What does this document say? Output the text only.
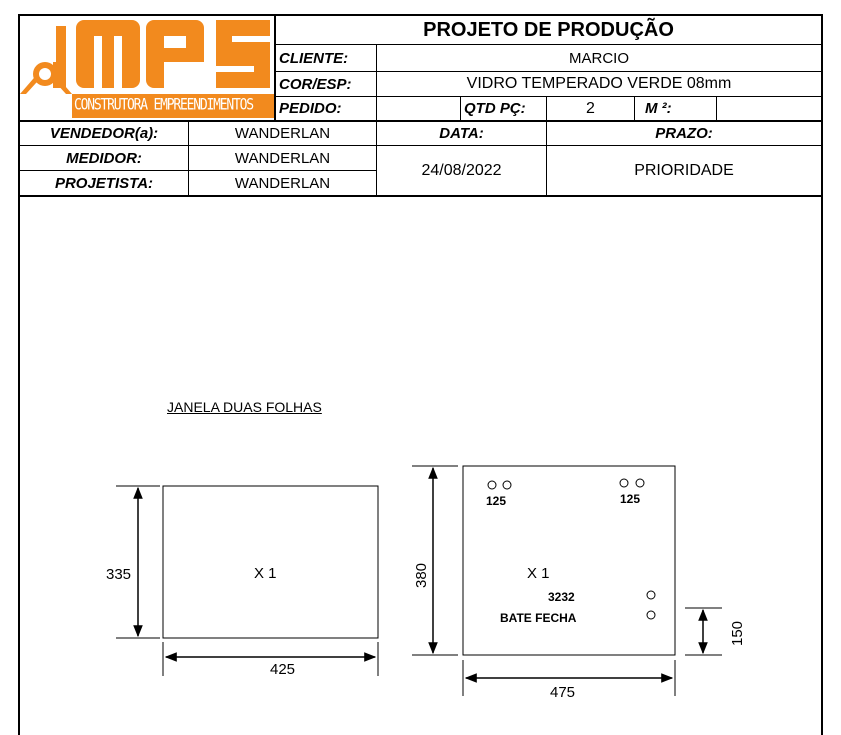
CONSTRUTORA EMPREENDIMENTOS
PROJETO DE PRODUÇÃO
CLIENTE:	MARCIO
COR/ESP:	VIDRO TEMPERADO VERDE 08mm
PEDIDO:	QTD PÇ:	2	M ²:
VENDEDOR(a):	WANDERLAN	DATA:	PRAZO:
MEDIDOR:	WANDERLAN
PROJETISTA:	WANDERLAN
24/08/2022	PRIORIDADE
JANELA DUAS FOLHAS
335	X 1
425
380	X 1
475
125	125
3232
BATE FECHA
150
